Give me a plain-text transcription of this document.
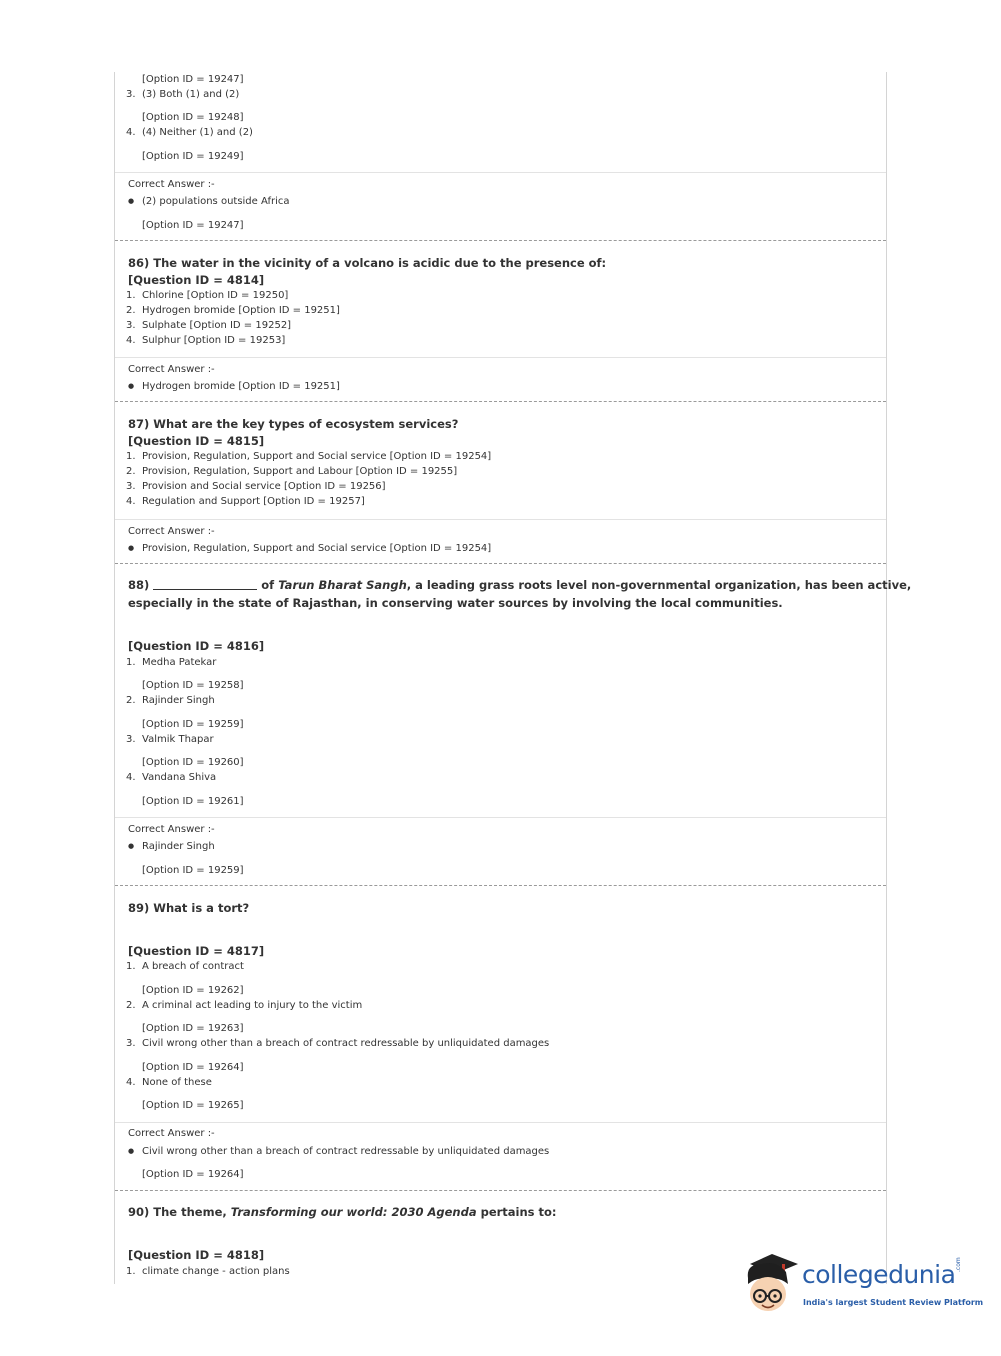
[Option ID = 19247]
3. (3) Both (1) and (2)
[Option ID = 19248]
4. (4) Neither (1) and (2)
[Option ID = 19249]
Correct Answer :-
● (2) populations outside Africa
[Option ID = 19247]
86) The water in the vicinity of a volcano is acidic due to the presence of:
[Question ID = 4814]
1. Chlorine [Option ID = 19250]
2. Hydrogen bromide [Option ID = 19251]
3. Sulphate [Option ID = 19252]
4. Sulphur [Option ID = 19253]
Correct Answer :-
● Hydrogen bromide [Option ID = 19251]
87) What are the key types of ecosystem services?
[Question ID = 4815]
1. Provision, Regulation, Support and Social service [Option ID = 19254]
2. Provision, Regulation, Support and Labour [Option ID = 19255]
3. Provision and Social service [Option ID = 19256]
4. Regulation and Support [Option ID = 19257]
Correct Answer :-
● Provision, Regulation, Support and Social service [Option ID = 19254]
88)	of Tarun Bharat Sangh, a leading grass roots level non-governmental organization, has been active,
especially in the state of Rajasthan, in conserving water sources by involving the local communities.
[Question ID = 4816]
1. Medha Patekar
[Option ID = 19258]
2. Rajinder Singh
[Option ID = 19259]
3. Valmik Thapar
[Option ID = 19260]
4. Vandana Shiva
[Option ID = 19261]
Correct Answer :-
● Rajinder Singh
[Option ID = 19259]
89) What is a tort?
[Question ID = 4817]
1. A breach of contract
[Option ID = 19262]
2. A criminal act leading to injury to the victim
[Option ID = 19263]
3. Civil wrong other than a breach of contract redressable by unliquidated damages
[Option ID = 19264]
4. None of these
[Option ID = 19265]
Correct Answer :-
● Civil wrong other than a breach of contract redressable by unliquidated damages
[Option ID = 19264]
90) The theme, Transforming our world: 2030 Agenda pertains to:
[Question ID = 4818]
1. climate change - action plans	collegedunia .com
India's largest Student Review Platform
